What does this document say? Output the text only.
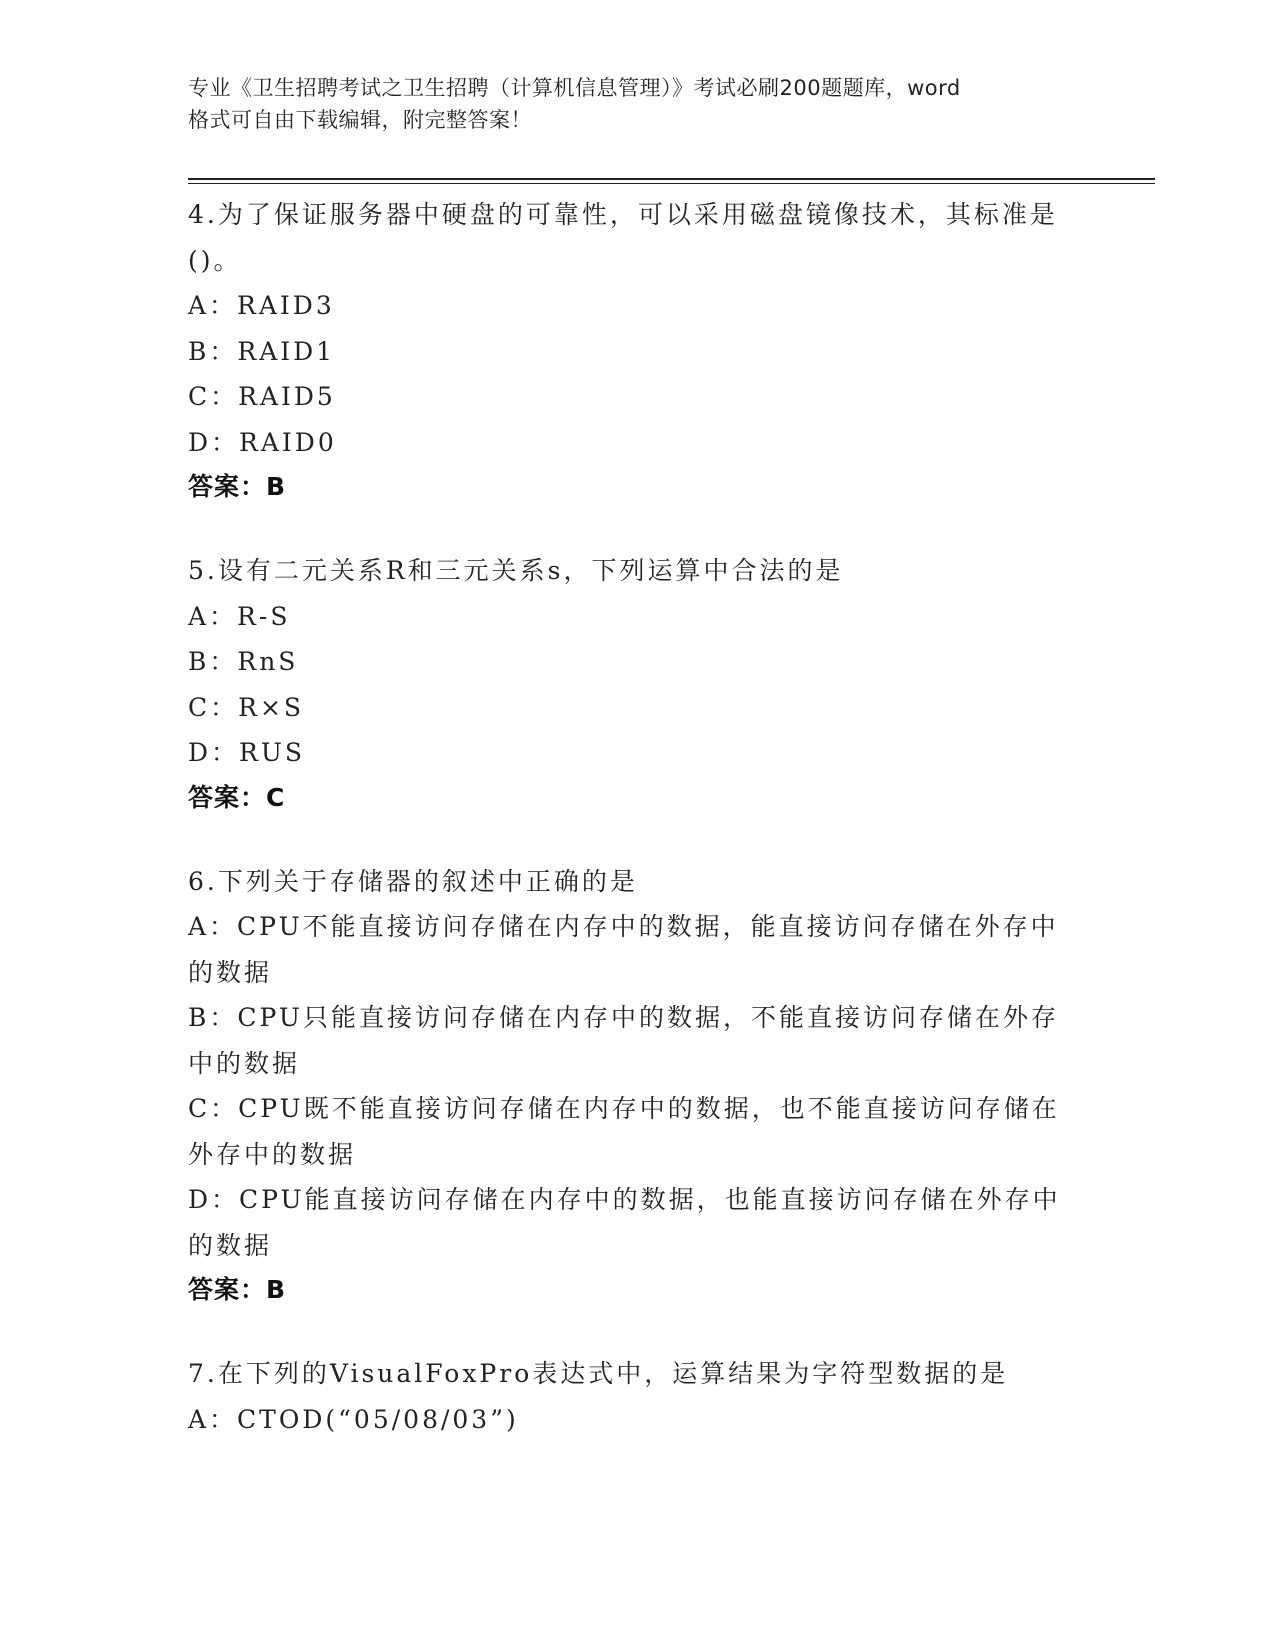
专业《卫生招聘考试之卫生招聘（计算机信息管理）》考试必刷200题题库，word
格式可自由下载编辑，附完整答案！
4.为了保证服务器中硬盘的可靠性，可以采用磁盘镜像技术，其标准是()。
A：RAID3
B：RAID1
C：RAID5
D：RAID0
答案：B
5.设有二元关系R和三元关系s，下列运算中合法的是
A：R-S
B：RnS
C：R×S
D：RUS
答案：C
6.下列关于存储器的叙述中正确的是
A：CPU不能直接访问存储在内存中的数据，能直接访问存储在外存中的数据
B：CPU只能直接访问存储在内存中的数据，不能直接访问存储在外存中的数据
C：CPU既不能直接访问存储在内存中的数据，也不能直接访问存储在外存中的数据
D：CPU能直接访问存储在内存中的数据，也能直接访问存储在外存中的数据
答案：B
7.在下列的VisualFoxPro表达式中，运算结果为字符型数据的是
A：CTOD(“05/08/03”)
